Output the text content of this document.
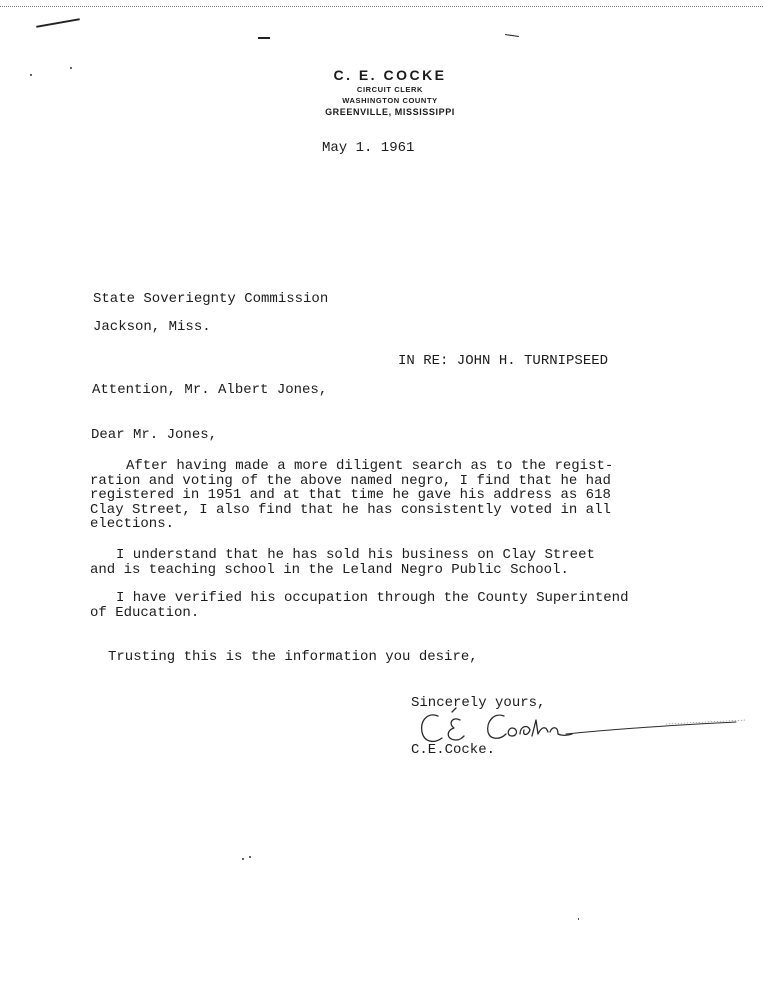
C. E. COCKE
CIRCUIT CLERK
WASHINGTON COUNTY
GREENVILLE, MISSISSIPPI
May 1. 1961
State Soveriegnty Commission
Jackson, Miss.
IN RE: JOHN H. TURNIPSEED
Attention, Mr. Albert Jones,
Dear Mr. Jones,
After having made a more diligent search as to the regist-
ration and voting of the above named negro, I find that he had
registered in 1951 and at that time he gave his address as 618
Clay Street, I also find that he has consistently voted in all
elections.
I understand that he has sold his business on Clay Street
and is teaching school in the Leland Negro Public School.
I have verified his occupation through the County Superintend
of Education.
Trusting this is the information you desire,
Sincerely yours,
C.E.Cocke.
